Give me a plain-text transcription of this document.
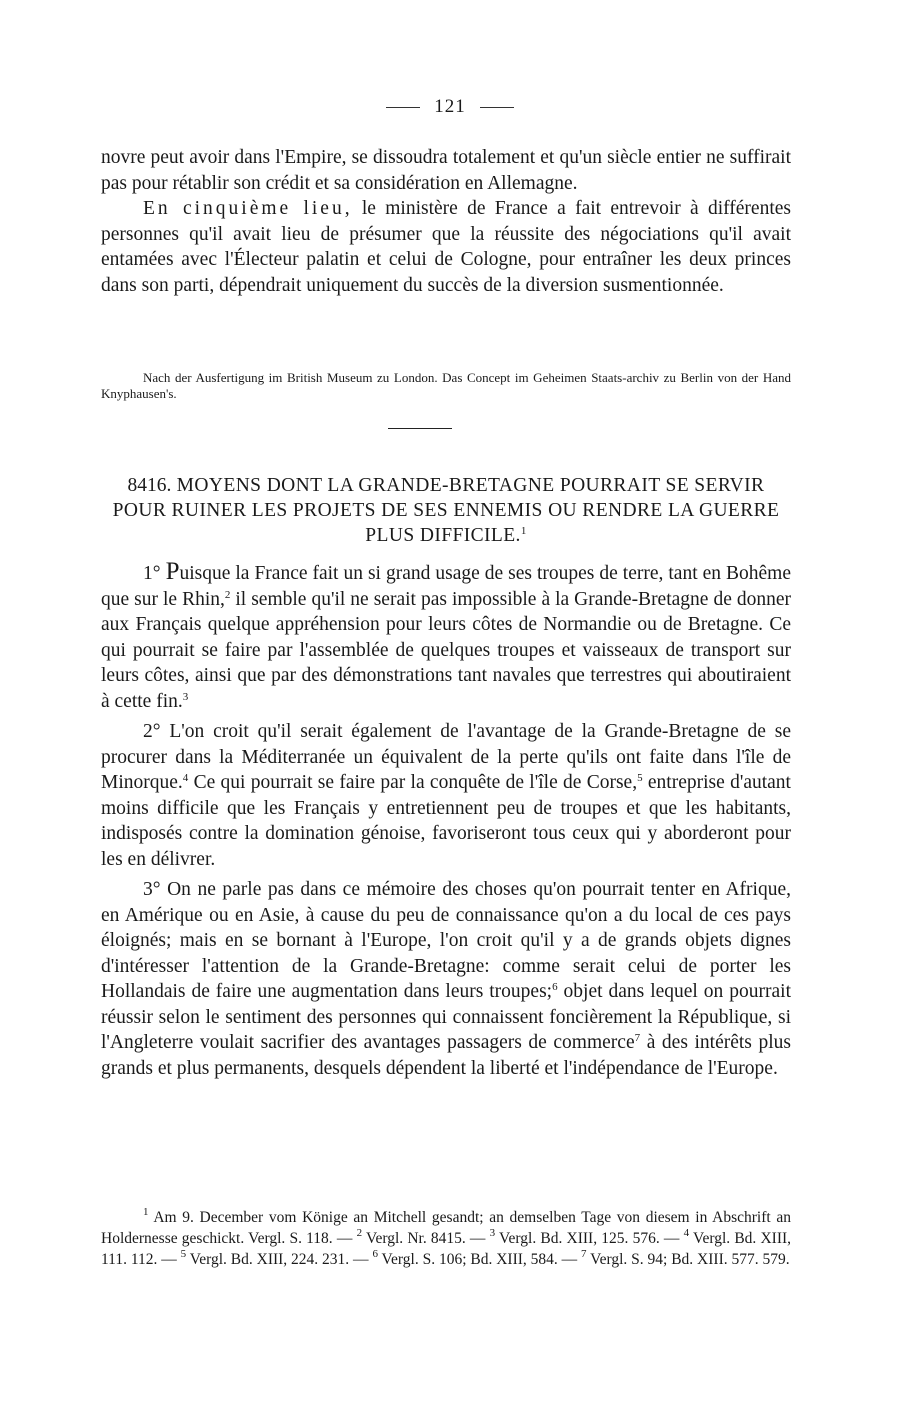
121

novre peut avoir dans l'Empire, se dissoudra totalement et qu'un siècle entier ne suffirait pas pour rétablir son crédit et sa considération en Allemagne.

En cinquième lieu, le ministère de France a fait entrevoir à différentes personnes qu'il avait lieu de présumer que la réussite des négociations qu'il avait entamées avec l'Électeur palatin et celui de Cologne, pour entraîner les deux princes dans son parti, dépendrait uniquement du succès de la diversion susmentionnée.

Nach der Ausfertigung im British Museum zu London. Das Concept im Geheimen Staats-archiv zu Berlin von der Hand Knyphausen's.

8416. MOYENS DONT LA GRANDE-BRETAGNE POURRAIT SE SERVIR POUR RUINER LES PROJETS DE SES ENNEMIS OU RENDRE LA GUERRE PLUS DIFFICILE.$^1$

1° Puisque la France fait un si grand usage de ses troupes de terre, tant en Bohême que sur le Rhin,$^2$ il semble qu'il ne serait pas impossible à la Grande-Bretagne de donner aux Français quelque appréhension pour leurs côtes de Normandie ou de Bretagne. Ce qui pourrait se faire par l'assemblée de quelques troupes et vaisseaux de transport sur leurs côtes, ainsi que par des démonstrations tant navales que terrestres qui aboutiraient à cette fin.$^3$

2° L'on croit qu'il serait également de l'avantage de la Grande-Bretagne de se procurer dans la Méditerranée un équivalent de la perte qu'ils ont faite dans l'île de Minorque.$^4$ Ce qui pourrait se faire par la conquête de l'île de Corse,$^5$ entreprise d'autant moins difficile que les Français y entretiennent peu de troupes et que les habitants, indisposés contre la domination génoise, favoriseront tous ceux qui y aborderont pour les en délivrer.

3° On ne parle pas dans ce mémoire des choses qu'on pourrait tenter en Afrique, en Amérique ou en Asie, à cause du peu de connaissance qu'on a du local de ces pays éloignés; mais en se bornant à l'Europe, l'on croit qu'il y a de grands objets dignes d'intéresser l'attention de la Grande-Bretagne: comme serait celui de porter les Hollandais de faire une augmentation dans leurs troupes;$^6$ objet dans lequel on pourrait réussir selon le sentiment des personnes qui connaissent foncièrement la République, si l'Angleterre voulait sacrifier des avantages passagers de commerce$^7$ à des intérêts plus grands et plus permanents, desquels dépendent la liberté et l'indépendance de l'Europe.

$^1$ Am 9. December vom Könige an Mitchell gesandt; an demselben Tage von diesem in Abschrift an Holdernesse geschickt. Vergl. S. 118. — $^2$ Vergl. Nr. 8415. — $^3$ Vergl. Bd. XIII, 125. 576. — $^4$ Vergl. Bd. XIII, 111. 112. — $^5$ Vergl. Bd. XIII, 224. 231. — $^6$ Vergl. S. 106; Bd. XIII, 584. — $^7$ Vergl. S. 94; Bd. XIII. 577. 579.
